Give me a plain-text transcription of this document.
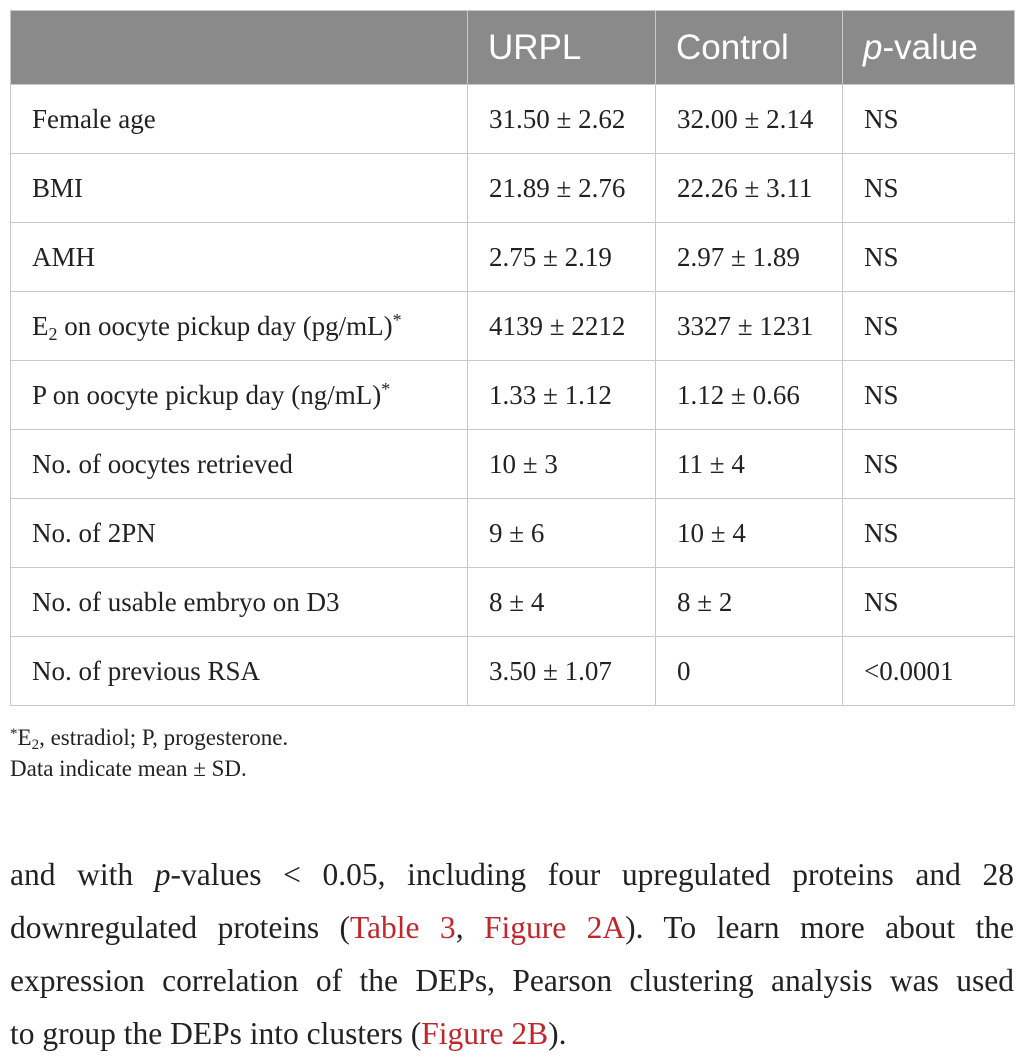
	URPL	Control	p-value
Female age	31.50 ± 2.62	32.00 ± 2.14	NS
BMI	21.89 ± 2.76	22.26 ± 3.11	NS
AMH	2.75 ± 2.19	2.97 ± 1.89	NS
$E_2$ on oocyte pickup day (pg/mL)*	4139 ± 2212	3327 ± 1231	NS
P on oocyte pickup day (ng/mL)*	1.33 ± 1.12	1.12 ± 0.66	NS
No. of oocytes retrieved	10 ± 3	11 ± 4	NS
No. of 2PN	9 ± 6	10 ± 4	NS
No. of usable embryo on D3	8 ± 4	8 ± 2	NS
No. of previous RSA	3.50 ± 1.07	0	<0.0001
$^*E_2$, estradiol; P, progesterone.
Data indicate mean ± SD.
and with p-values < 0.05, including four upregulated proteins and 28
downregulated proteins (Table 3, Figure 2A). To learn more about the
expression correlation of the DEPs, Pearson clustering analysis was used
to group the DEPs into clusters (Figure 2B).
